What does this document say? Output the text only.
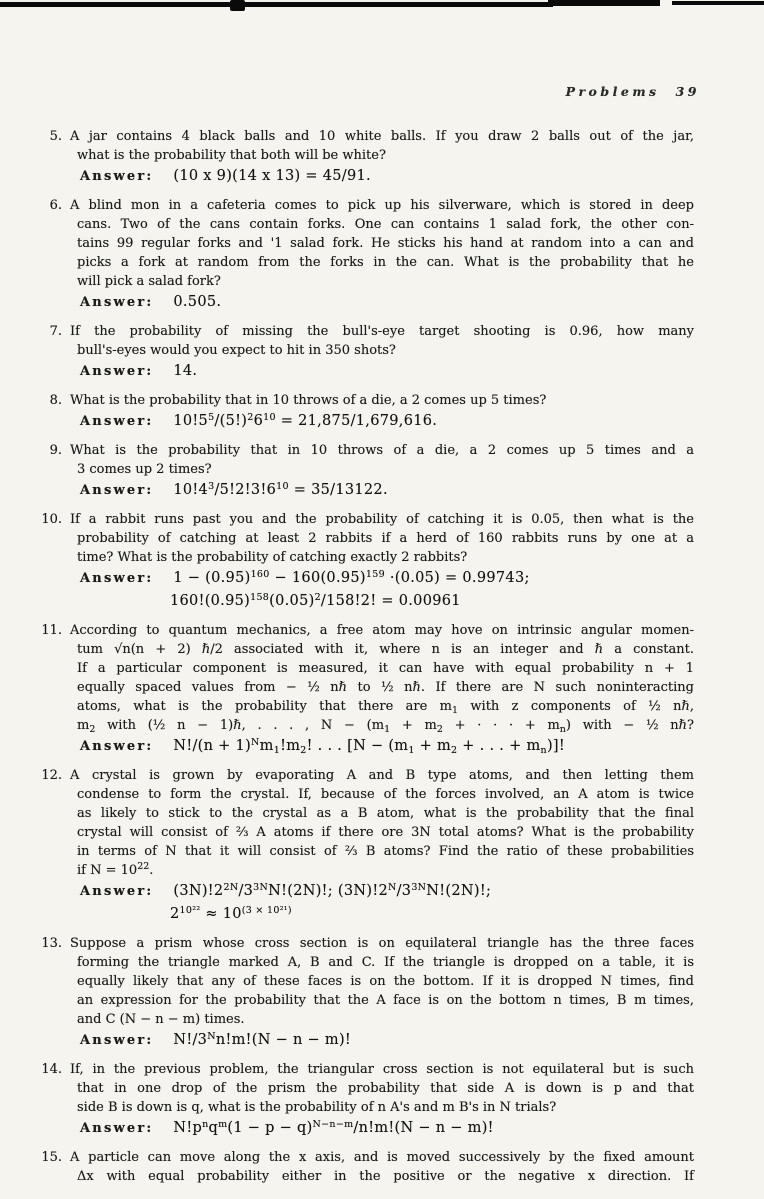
Problems 39
5. A jar contains 4 black balls and 10 white balls. If you draw 2 balls out of the jar,
what is the probability that both will be white?
Answer: (10 x 9)(14 x 13) = 45/91.
6. A blind mon in a cafeteria comes to pick up his silverware, which is stored in deep
cans. Two of the cans contain forks. One can contains 1 salad fork, the other con-
tains 99 regular forks and '1 salad fork. He sticks his hand at random into a can and
picks a fork at random from the forks in the can. What is the probability that he
will pick a salad fork?
Answer: 0.505.
7. If the probability of missing the bull's-eye target shooting is 0.96, how many
bull's-eyes would you expect to hit in 350 shots?
Answer: 14.
8. What is the probability that in 10 throws of a die, a 2 comes up 5 times?
Answer: $10!5^5/(5!)^26^{10} = 21,875/1,679,616$.
9. What is the probability that in 10 throws of a die, a 2 comes up 5 times and a
3 comes up 2 times?
Answer: $10!4^3/5!2!3!6^{10} = 35/13122$.
10. If a rabbit runs past you and the probability of catching it is 0.05, then what is the
probability of catching at least 2 rabbits if a herd of 160 rabbits runs by one at a
time? What is the probability of catching exactly 2 rabbits?
Answer: $1 - (0.95)^{160} - 160(0.95)^{159} \cdot(0.05) = 0.99743$;
$160!(0.95)^{158}(0.05)^2/158!2$! = 0.00961
11. According to quantum mechanics, a free atom may hove on intrinsic angular momen-
tum √n(n + 2) ℏ/2 associated with it, where n is an integer and ℏ a constant.
If a particular component is measured, it can have with equal probability n + 1
equally spaced values from − ½ nℏ to ½ nℏ. If there are N such noninteracting
atoms, what is the probability that there are $m_1$ with z components of ½ nℏ,
$m_2$ with (½ n − 1)ℏ, . . . , $N - (m_1 + m_2$ + · · · + $m_n$) with − ½ nℏ?
Answer: $N!/(n + 1)^Nm_1!m_2$! . . . [$N - (m_1 + m_2$ + . . . + $m_n$)]!
12. A crystal is grown by evaporating A and B type atoms, and then letting them
condense to form the crystal. If, because of the forces involved, an A atom is twice
as likely to stick to the crystal as a B atom, what is the probability that the final
crystal will consist of ⅔ A atoms if there ore 3N total atoms? What is the probability
in terms of N that it will consist of ⅔ B atoms? Find the ratio of these probabilities
if $N = 10^{22}$.
Answer: $(3N)!2^{2N}/3^{3N}N!(2N)$!; $(3N)!2^N/3^{3N}N!(2N)$!;
$2^{10^{22}} \approx 10^{(3 \times 10^{21})}$
13. Suppose a prism whose cross section is on equilateral triangle has the three faces
forming the triangle marked A, B and C. If the triangle is dropped on a table, it is
equally likely that any of these faces is on the bottom. If it is dropped N times, find
an expression for the probability that the A face is on the bottom n times, B m times,
and C (N − n − m) times.
Answer: $N!/3^Nn!m!(N - n - m)$!
14. If, in the previous problem, the triangular cross section is not equilateral but is such
that in one drop of the prism the probability that side A is down is p and that
side B is down is q, what is the probability of n A's and m B's in N trials?
Answer: $N!p^nq^m(1 - p - q)^{N-n-m}/n!m!(N - n - m)$!
15. A particle can move along the x axis, and is moved successively by the fixed amount
Δx with equal probability either in the positive or the negative x direction. If
